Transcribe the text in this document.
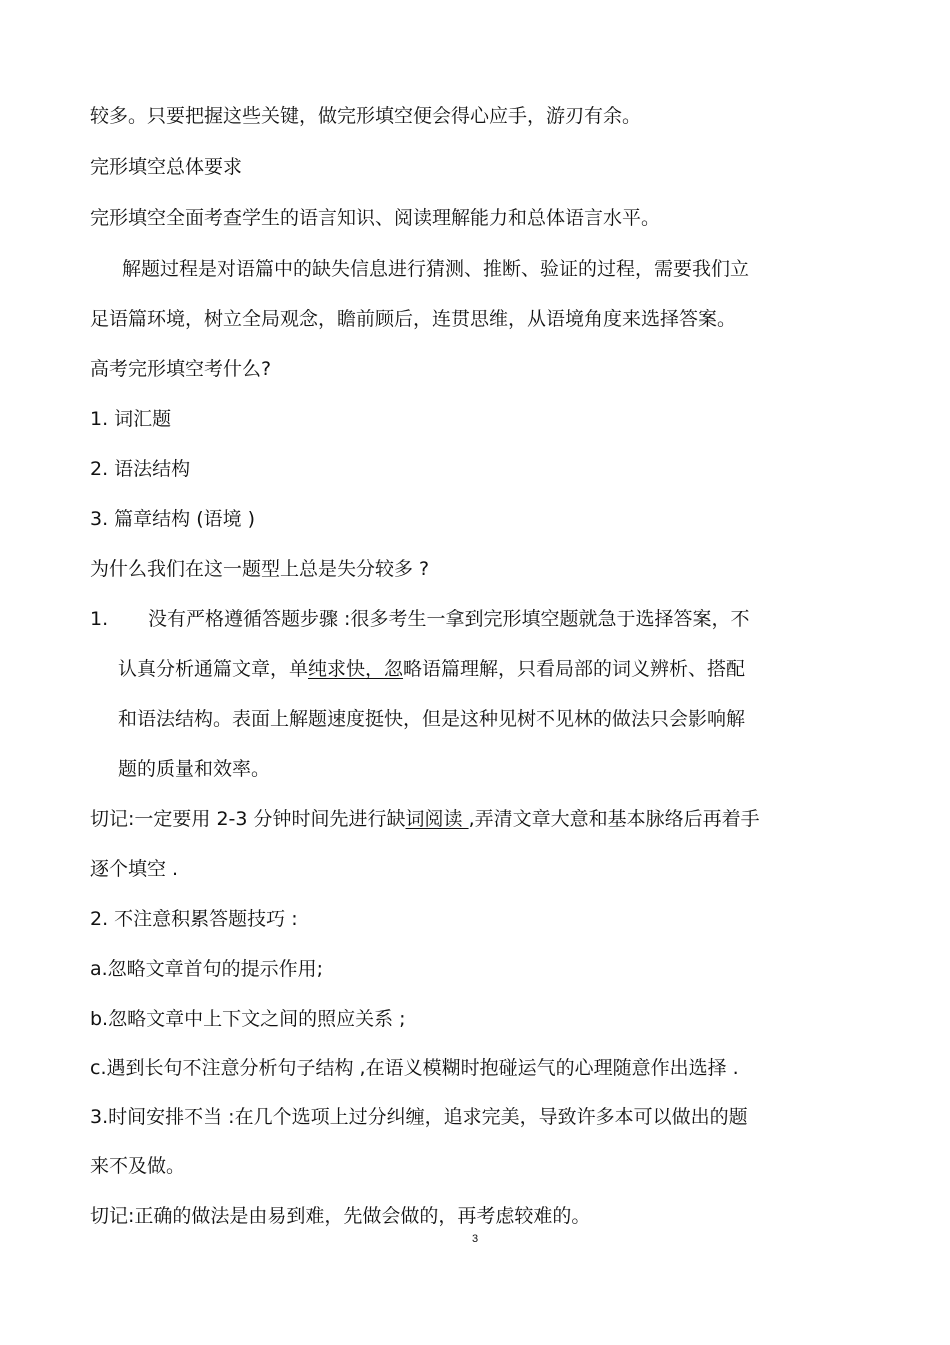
较多。只要把握这些关键，做完形填空便会得心应手，游刃有余。
完形填空总体要求
完形填空全面考查学生的语言知识、阅读理解能力和总体语言水平。
解题过程是对语篇中的缺失信息进行猜测、推断、验证的过程，需要我们立
足语篇环境，树立全局观念，瞻前顾后，连贯思维，从语境角度来选择答案。
高考完形填空考什么?
1. 词汇题
2. 语法结构
3. 篇章结构 (语境 )
为什么我们在这一题型上总是失分较多 ?
1. 没有严格遵循答题步骤 :很多考生一拿到完形填空题就急于选择答案，不
认真分析通篇文章，单纯求快，忽略语篇理解，只看局部的词义辨析、搭配
和语法结构。表面上解题速度挺快，但是这种见树不见林的做法只会影响解
题的质量和效率。
切记:一定要用 2-3 分钟时间先进行缺词阅读 ,弄清文章大意和基本脉络后再着手
逐个填空 .
2. 不注意积累答题技巧 :
a.忽略文章首句的提示作用;
b.忽略文章中上下文之间的照应关系 ;
c.遇到长句不注意分析句子结构 ,在语义模糊时抱碰运气的心理随意作出选择 .
3.时间安排不当 :在几个选项上过分纠缠，追求完美，导致许多本可以做出的题
来不及做。
切记:正确的做法是由易到难，先做会做的，再考虑较难的。
3
